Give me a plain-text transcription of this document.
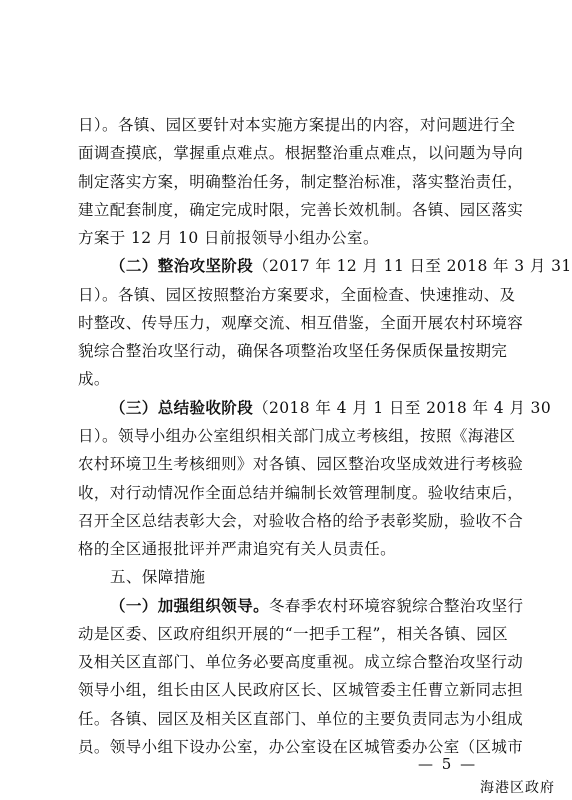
日）。各镇、园区要针对本实施方案提出的内容，对问题进行全
面调查摸底，掌握重点难点。根据整治重点难点，以问题为导向
制定落实方案，明确整治任务，制定整治标准，落实整治责任，
建立配套制度，确定完成时限，完善长效机制。各镇、园区落实
方案于 12 月 10 日前报领导小组办公室。
（二）整治攻坚阶段（2017 年 12 月 11 日至 2018 年 3 月 31
日）。各镇、园区按照整治方案要求，全面检查、快速推动、及
时整改、传导压力，观摩交流、相互借鉴，全面开展农村环境容
貌综合整治攻坚行动，确保各项整治攻坚任务保质保量按期完
成。
（三）总结验收阶段（2018 年 4 月 1 日至 2018 年 4 月 30
日）。领导小组办公室组织相关部门成立考核组，按照《海港区
农村环境卫生考核细则》对各镇、园区整治攻坚成效进行考核验
收，对行动情况作全面总结并编制长效管理制度。验收结束后，
召开全区总结表彰大会，对验收合格的给予表彰奖励，验收不合
格的全区通报批评并严肃追究有关人员责任。
五、保障措施
（一）加强组织领导。冬春季农村环境容貌综合整治攻坚行
动是区委、区政府组织开展的“一把手工程”，相关各镇、园区
及相关区直部门、单位务必要高度重视。成立综合整治攻坚行动
领导小组，组长由区人民政府区长、区城管委主任曹立新同志担
任。各镇、园区及相关区直部门、单位的主要负责同志为小组成
员。领导小组下设办公室，办公室设在区城管委办公室（区城市
— 5 —
海港区政府
